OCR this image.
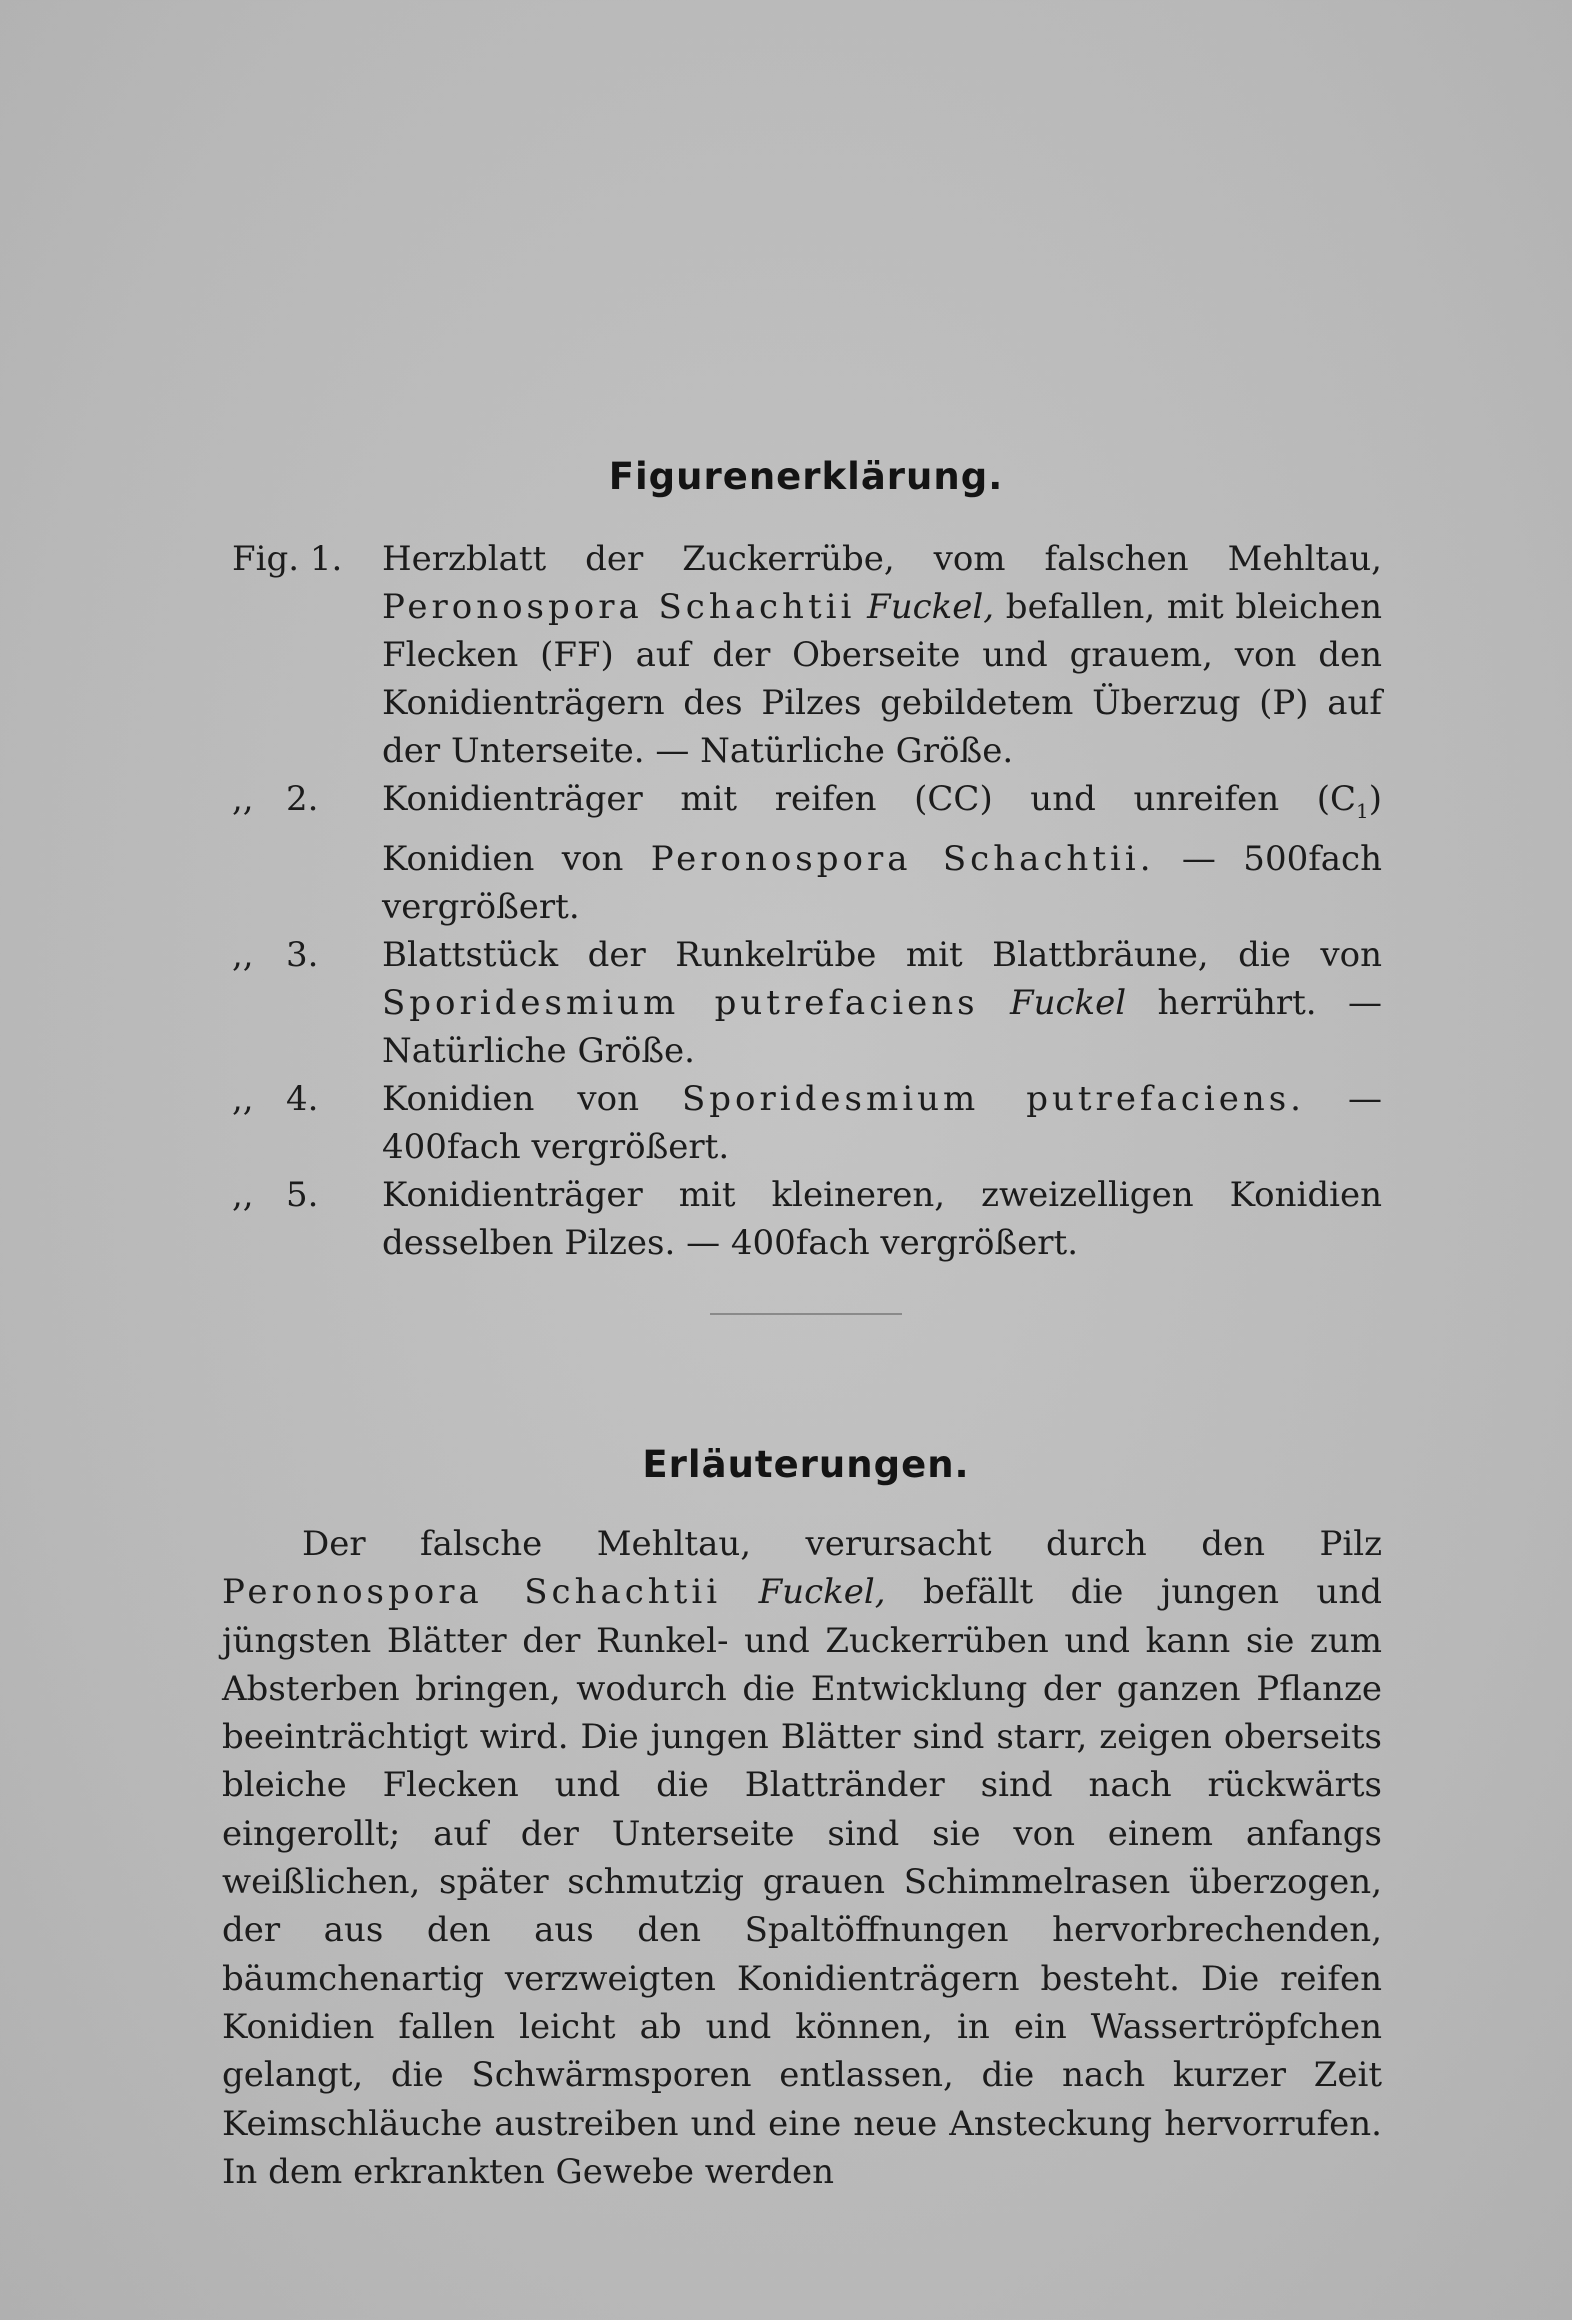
Figurenerklärung.
Fig. 1. Herzblatt der Zuckerrübe, vom falschen Mehltau, Peronospora Schachtii Fuckel, befallen, mit bleichen Flecken (FF) auf der Oberseite und grauem, von den Konidienträgern des Pilzes gebildetem Überzug (P) auf der Unterseite. — Natürliche Größe.
,,   2.	Konidienträger mit reifen (CC) und unreifen $(C_1)$ Konidien von Peronospora Schachtii. — 500fach vergrößert.
,,   3.	Blattstück der Runkelrübe mit Blattbräune, die von Sporidesmium putrefaciens Fuckel herrührt. — Natürliche Größe.
,,   4.	Konidien von Sporidesmium putrefaciens. — 400fach vergrößert.
,,   5.	Konidienträger mit kleineren, zweizelligen Konidien desselben Pilzes. — 400fach vergrößert.
Erläuterungen.
Der falsche Mehltau, verursacht durch den Pilz Peronospora Schachtii Fuckel, befällt die jungen und jüngsten Blätter der Runkel- und Zuckerrüben und kann sie zum Absterben bringen, wodurch die Entwicklung der ganzen Pflanze beeinträchtigt wird. Die jungen Blätter sind starr, zeigen oberseits bleiche Flecken und die Blattränder sind nach rückwärts eingerollt; auf der Unterseite sind sie von einem anfangs weißlichen, später schmutzig grauen Schimmelrasen überzogen, der aus den aus den Spaltöffnungen hervorbrechenden, bäumchenartig verzweigten Konidienträgern besteht. Die reifen Konidien fallen leicht ab und können, in ein Wassertröpfchen gelangt, die Schwärmsporen entlassen, die nach kurzer Zeit Keimschläuche austreiben und eine neue Ansteckung hervorrufen. In dem erkrankten Gewebe werden
